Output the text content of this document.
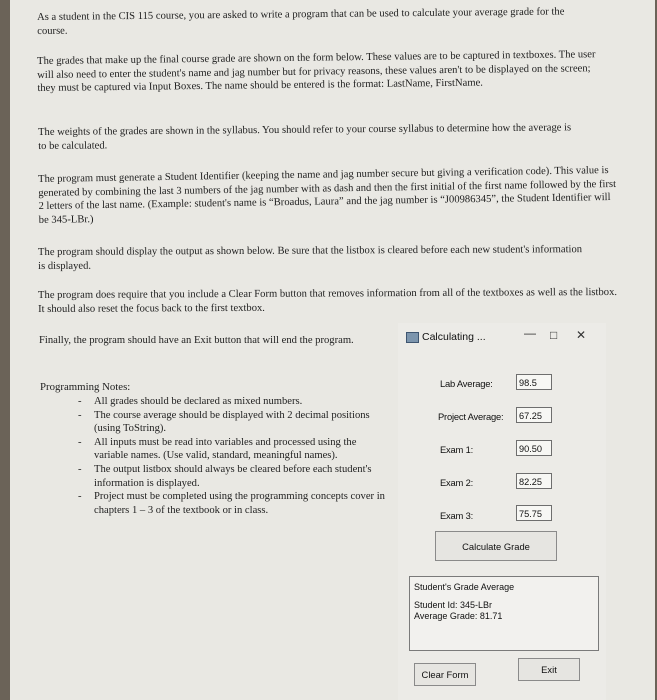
As a student in the CIS 115 course, you are asked to write a program that can be used to calculate your average grade for the course.

The grades that make up the final course grade are shown on the form below. These values are to be captured in textboxes. The user will also need to enter the student's name and jag number but for privacy reasons, these values aren't to be displayed on the screen; they must be captured via Input Boxes. The name should be entered is the format: LastName, FirstName.

The weights of the grades are shown in the syllabus. You should refer to your course syllabus to determine how the average is to be calculated.

The program must generate a Student Identifier (keeping the name and jag number secure but giving a verification code). This value is generated by combining the last 3 numbers of the jag number with as dash and then the first initial of the first name followed by the first 2 letters of the last name. (Example: student's name is “Broadus, Laura” and the jag number is “J00986345”, the Student Identifier will be 345-LBr.)

The program should display the output as shown below. Be sure that the listbox is cleared before each new student's information is displayed.

The program does require that you include a Clear Form button that removes information from all of the textboxes as well as the listbox. It should also reset the focus back to the first textbox.

Finally, the program should have an Exit button that will end the program.

Programming Notes:
- All grades should be declared as mixed numbers.
- The course average should be displayed with 2 decimal positions (using ToString).
- All inputs must be read into variables and processed using the variable names. (Use valid, standard, meaningful names).
- The output listbox should always be cleared before each student's information is displayed.
- Project must be completed using the programming concepts cover in chapters 1 – 3 of the textbook or in class.
Calculating ...	— □ ✕
Lab Average:	98.5
Project Average:	67.25
Exam 1:	90.50
Exam 2:	82.25
Exam 3:	75.75
Calculate Grade
Student's Grade Average
Student Id: 345-LBr
Average Grade: 81.71
Clear Form	Exit
